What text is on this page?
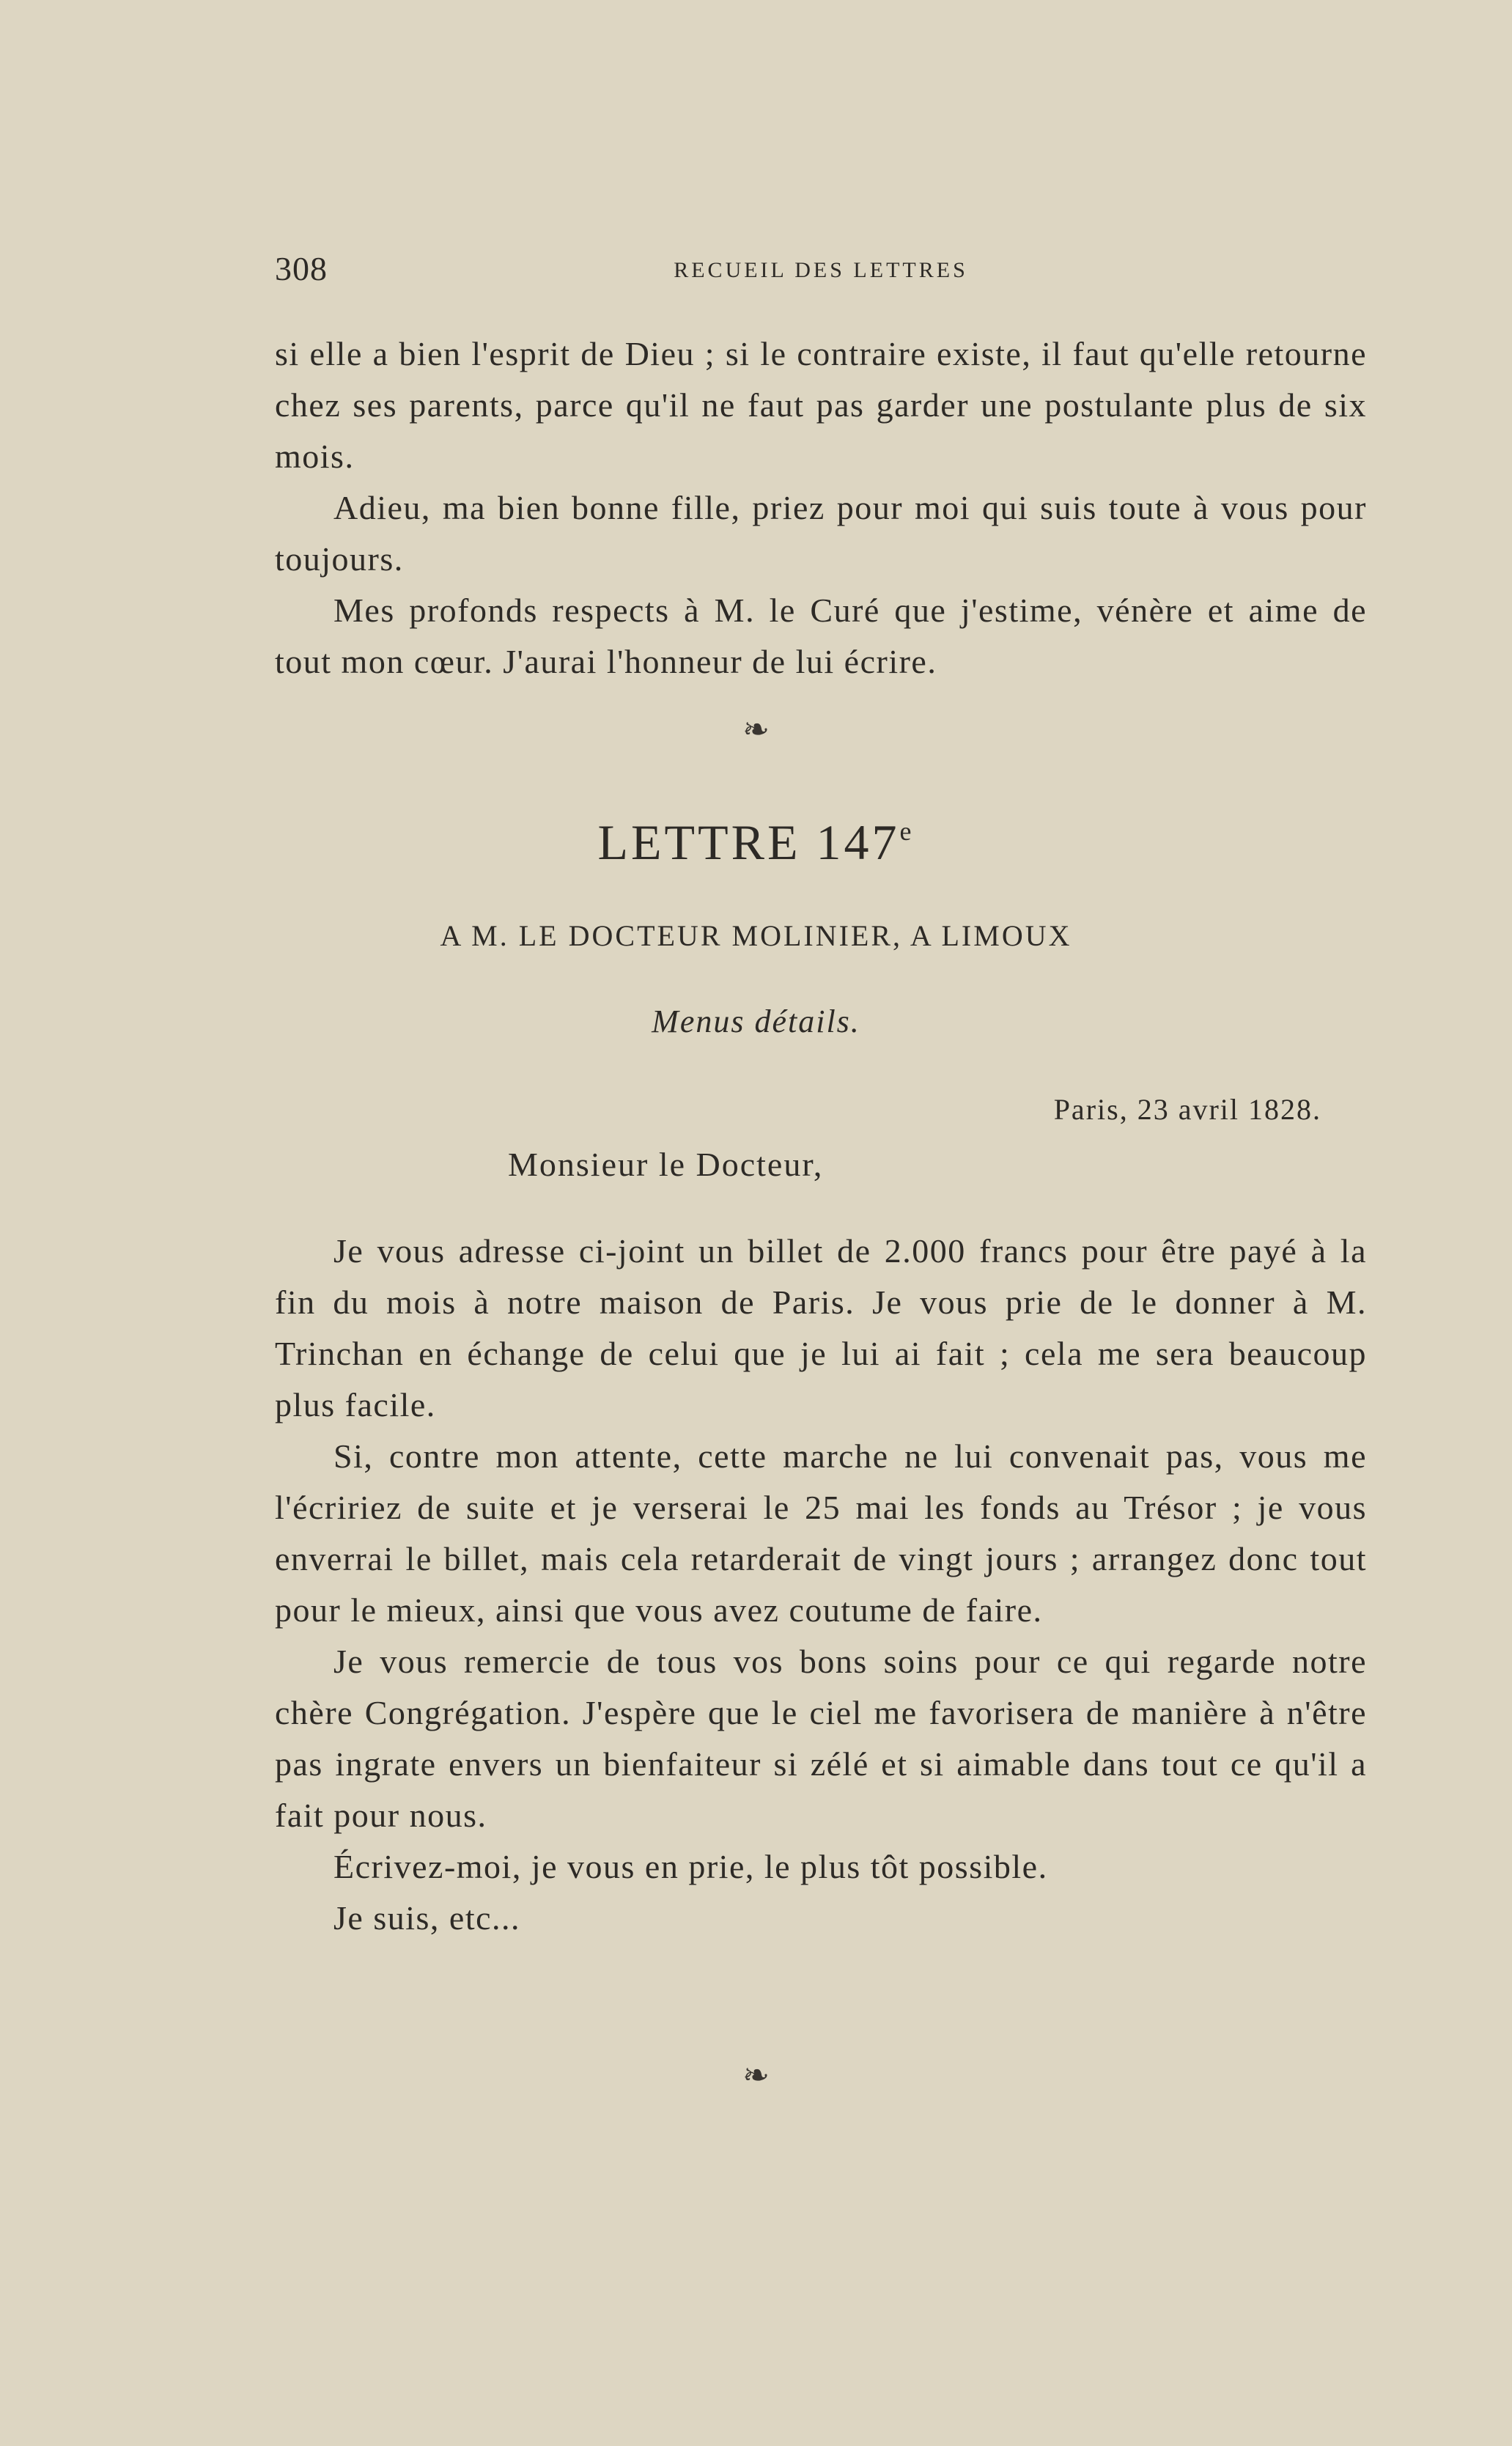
308	RECUEIL DES LETTRES

si elle a bien l'esprit de Dieu ; si le contraire existe, il faut qu'elle retourne chez ses parents, parce qu'il ne faut pas garder une postulante plus de six mois.

Adieu, ma bien bonne fille, priez pour moi qui suis toute à vous pour toujours.

Mes profonds respects à M. le Curé que j'estime, vénère et aime de tout mon cœur. J'aurai l'honneur de lui écrire.

❧
LETTRE 147e
A M. LE DOCTEUR MOLINIER, A LIMOUX
Menus détails.
Paris, 23 avril 1828.
Monsieur le Docteur,

Je vous adresse ci-joint un billet de 2.000 francs pour être payé à la fin du mois à notre maison de Paris. Je vous prie de le donner à M. Trinchan en échange de celui que je lui ai fait ; cela me sera beaucoup plus facile.

Si, contre mon attente, cette marche ne lui convenait pas, vous me l'écririez de suite et je verserai le 25 mai les fonds au Trésor ; je vous enverrai le billet, mais cela retarderait de vingt jours ; arrangez donc tout pour le mieux, ainsi que vous avez coutume de faire.

Je vous remercie de tous vos bons soins pour ce qui regarde notre chère Congrégation. J'espère que le ciel me favorisera de manière à n'être pas ingrate envers un bienfaiteur si zélé et si aimable dans tout ce qu'il a fait pour nous.

Écrivez-moi, je vous en prie, le plus tôt possible.

Je suis, etc...

❧
